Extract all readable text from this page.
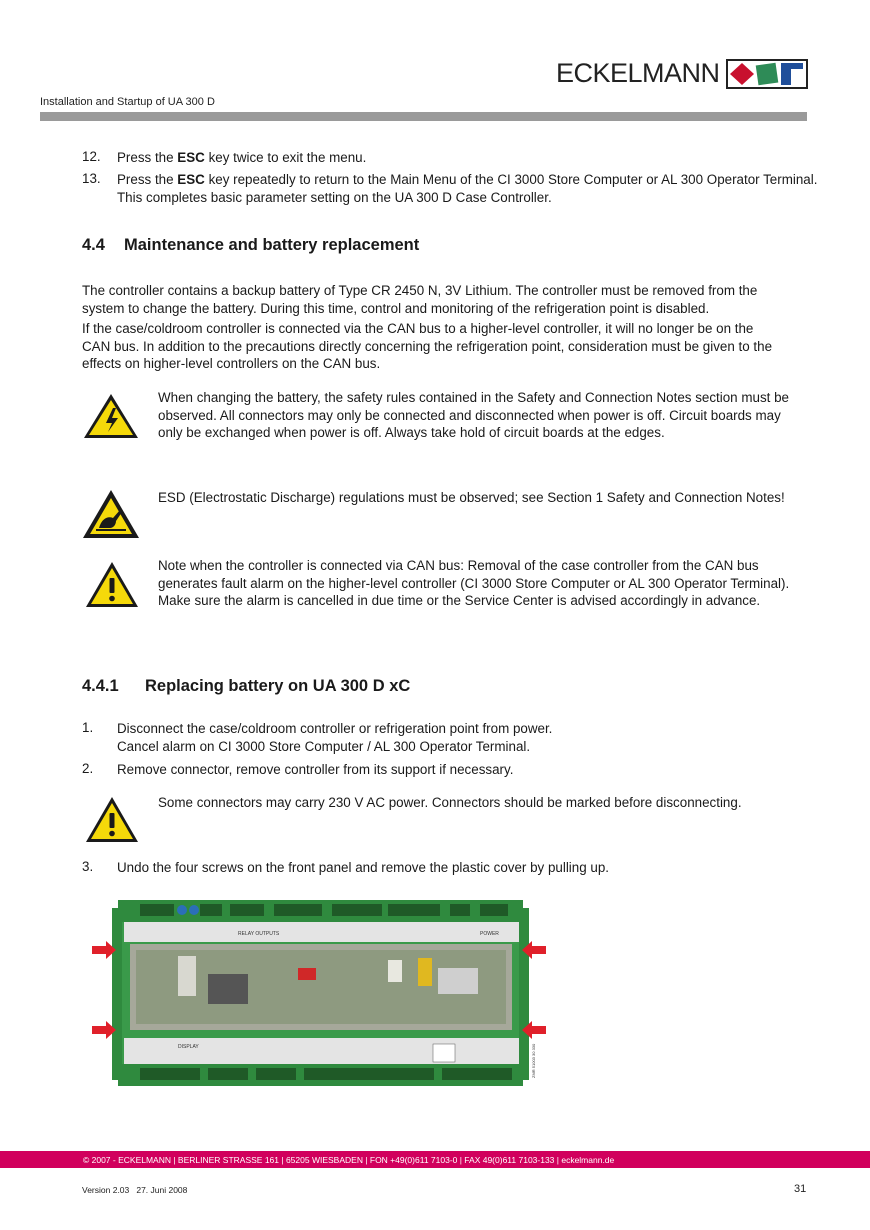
ECKELMANN
Installation and Startup of UA 300 D
12. Press the ESC key twice to exit the menu.
13. Press the ESC key repeatedly to return to the Main Menu of the CI 3000 Store Computer or AL 300 Operator Terminal. This completes basic parameter setting on the UA 300 D Case Controller.
4.4 Maintenance and battery replacement
The controller contains a backup battery of Type CR 2450 N, 3V Lithium. The controller must be removed from the system to change the battery. During this time, control and monitoring of the refrigeration point is disabled.
If the case/coldroom controller is connected via the CAN bus to a higher-level controller, it will no longer be on the CAN bus. In addition to the precautions directly concerning the refrigeration point, consideration must be given to the effects on higher-level controllers on the CAN bus.
When changing the battery, the safety rules contained in the Safety and Connection Notes section must be observed. All connectors may only be connected and disconnected when power is off. Circuit boards may only be exchanged when power is off. Always take hold of circuit boards at the edges.
ESD (Electrostatic Discharge) regulations must be observed; see Section 1 Safety and Connection Notes!
Note when the controller is connected via CAN bus: Removal of the case controller from the CAN bus generates fault alarm on the higher-level controller (CI 3000 Store Computer or AL 300 Operator Terminal). Make sure the alarm is cancelled in due time or the Service Center is advised accordingly in advance.
4.4.1 Replacing battery on UA 300 D xC
1. Disconnect the case/coldroom controller or refrigeration point from power.
Cancel alarm on CI 3000 Store Computer / AL 300 Operator Terminal.
2. Remove connector, remove controller from its support if necessary.
Some connectors may carry 230 V AC power. Connectors should be marked before disconnecting.
3. Undo the four screws on the front panel and remove the plastic cover by pulling up.
RELAY OUTPUTS	POWER
DISPLAY	ZMR 51003 30 330
© 2007 - ECKELMANN | BERLINER STRASSE 161 | 65205 WIESBADEN | FON +49(0)611 7103-0 | FAX 49(0)611 7103-133 | eckelmann.de
Version 2.03   27. Juni 2008	31
